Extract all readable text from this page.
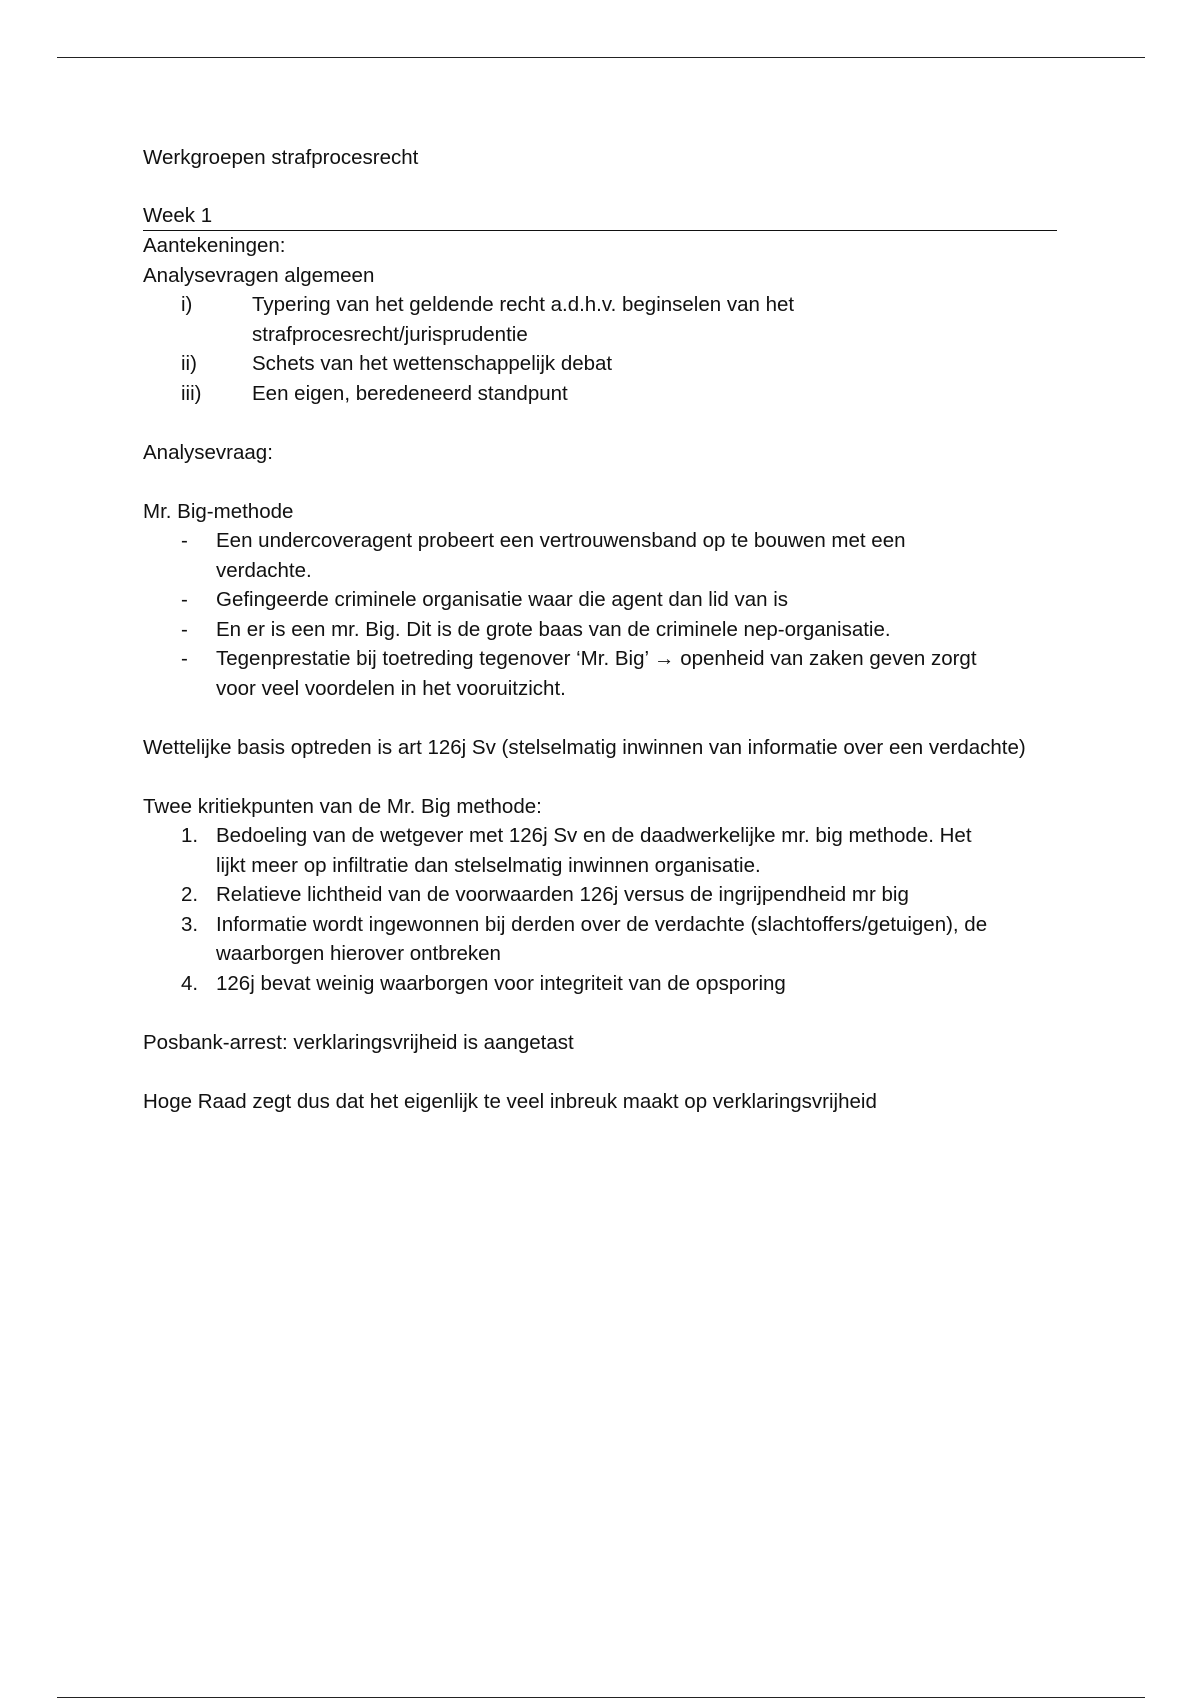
Werkgroepen strafprocesrecht

Week 1

Aantekeningen:

Analysevragen algemeen

i)	Typering van het geldende recht a.d.h.v. beginselen van het strafprocesrecht/jurisprudentie
ii)	Schets van het wettenschappelijk debat
iii) Een eigen, beredeneerd standpunt

Analysevraag:

Mr. Big-methode

- Een undercoveragent probeert een vertrouwensband op te bouwen met een verdachte.
- Gefingeerde criminele organisatie waar die agent dan lid van is
- En er is een mr. Big. Dit is de grote baas van de criminele nep-organisatie.
- Tegenprestatie bij toetreding tegenover ‘Mr. Big’ → openheid van zaken geven zorgt voor veel voordelen in het vooruitzicht.

Wettelijke basis optreden is art 126j Sv (stelselmatig inwinnen van informatie over een verdachte)

Twee kritiekpunten van de Mr. Big methode:

1. Bedoeling van de wetgever met 126j Sv en de daadwerkelijke mr. big methode. Het lijkt meer op infiltratie dan stelselmatig inwinnen organisatie.
2. Relatieve lichtheid van de voorwaarden 126j versus de ingrijpendheid mr big
3. Informatie wordt ingewonnen bij derden over de verdachte (slachtoffers/getuigen), de waarborgen hierover ontbreken
4. 126j bevat weinig waarborgen voor integriteit van de opsporing

Posbank-arrest: verklaringsvrijheid is aangetast

Hoge Raad zegt dus dat het eigenlijk te veel inbreuk maakt op verklaringsvrijheid
